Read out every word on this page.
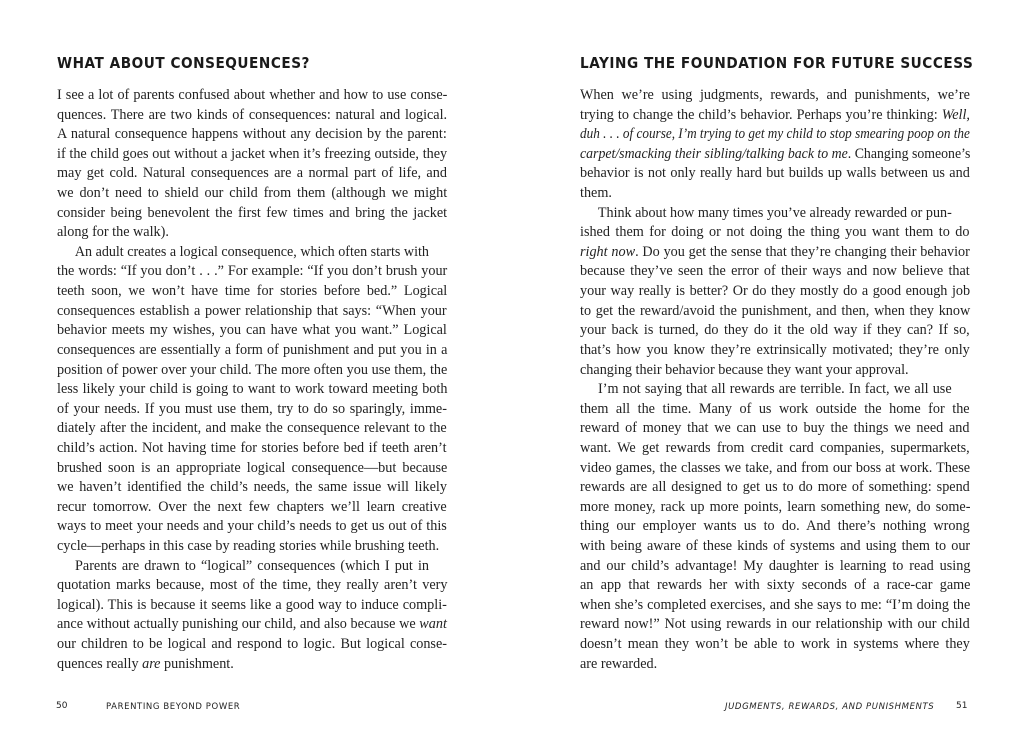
WHAT ABOUT CONSEQUENCES?
I see a lot of parents confused about whether and how to use conse-
quences. There are two kinds of consequences: natural and logical.
A natural consequence happens without any decision by the parent:
if the child goes out without a jacket when it’s freezing outside, they
may get cold. Natural consequences are a normal part of life, and
we don’t need to shield our child from them (although we might
consider being benevolent the first few times and bring the jacket
along for the walk).
An adult creates a logical consequence, which often starts with
the words: “If you don’t . . .” For example: “If you don’t brush your
teeth soon, we won’t have time for stories before bed.” Logical
consequences establish a power relationship that says: “When your
behavior meets my wishes, you can have what you want.” Logical
consequences are essentially a form of punishment and put you in a
position of power over your child. The more often you use them, the
less likely your child is going to want to work toward meeting both
of your needs. If you must use them, try to do so sparingly, imme-
diately after the incident, and make the consequence relevant to the
child’s action. Not having time for stories before bed if teeth aren’t
brushed soon is an appropriate logical consequence—but because
we haven’t identified the child’s needs, the same issue will likely
recur tomorrow. Over the next few chapters we’ll learn creative
ways to meet your needs and your child’s needs to get us out of this
cycle—perhaps in this case by reading stories while brushing teeth.
Parents are drawn to “logical” consequences (which I put in
quotation marks because, most of the time, they really aren’t very
logical). This is because it seems like a good way to induce compli-
ance without actually punishing our child, and also because we want
our children to be logical and respond to logic. But logical conse-
quences really are punishment.
50	PARENTING BEYOND POWER
LAYING THE FOUNDATION FOR FUTURE SUCCESS
When we’re using judgments, rewards, and punishments, we’re
trying to change the child’s behavior. Perhaps you’re thinking: Well,
duh . . . of course, I’m trying to get my child to stop smearing poop on the
carpet/smacking their sibling/talking back to me. Changing someone’s
behavior is not only really hard but builds up walls between us and
them.
Think about how many times you’ve already rewarded or pun-
ished them for doing or not doing the thing you want them to do
right now. Do you get the sense that they’re changing their behavior
because they’ve seen the error of their ways and now believe that
your way really is better? Or do they mostly do a good enough job
to get the reward/avoid the punishment, and then, when they know
your back is turned, do they do it the old way if they can? If so,
that’s how you know they’re extrinsically motivated; they’re only
changing their behavior because they want your approval.
I’m not saying that all rewards are terrible. In fact, we all use
them all the time. Many of us work outside the home for the
reward of money that we can use to buy the things we need and
want. We get rewards from credit card companies, supermarkets,
video games, the classes we take, and from our boss at work. These
rewards are all designed to get us to do more of something: spend
more money, rack up more points, learn something new, do some-
thing our employer wants us to do. And there’s nothing wrong
with being aware of these kinds of systems and using them to our
and our child’s advantage! My daughter is learning to read using
an app that rewards her with sixty seconds of a race-car game
when she’s completed exercises, and she says to me: “I’m doing the
reward now!” Not using rewards in our relationship with our child
doesn’t mean they won’t be able to work in systems where they
are rewarded.
JUDGMENTS, REWARDS, AND PUNISHMENTS 51
